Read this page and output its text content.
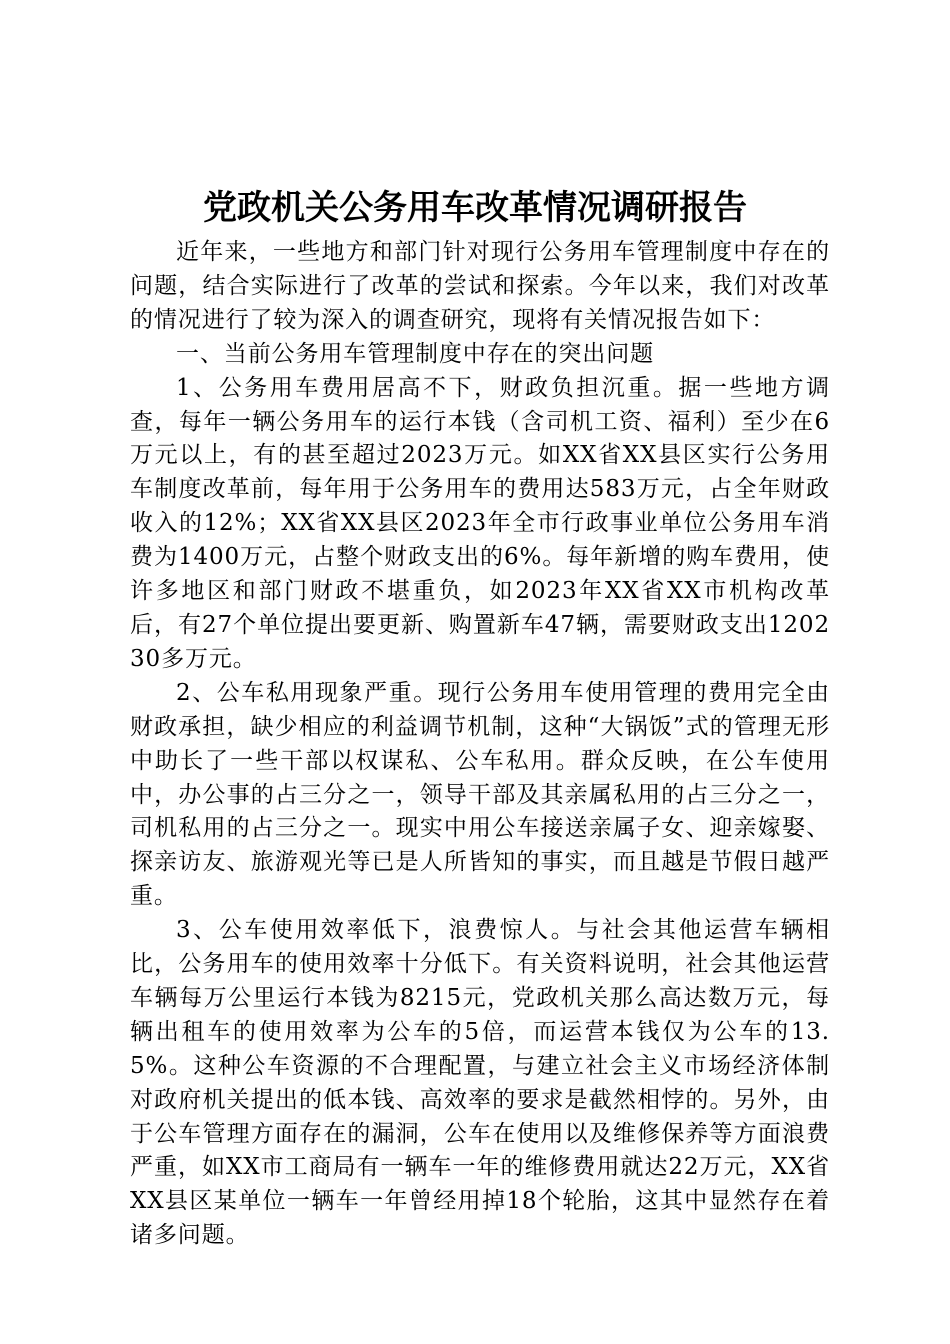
党政机关公务用车改革情况调研报告

近年来，一些地方和部门针对现行公务用车管理制度中存在的问题，结合实际进行了改革的尝试和探索。今年以来，我们对改革的情况进行了较为深入的调查研究，现将有关情况报告如下：

一、当前公务用车管理制度中存在的突出问题

1、公务用车费用居高不下，财政负担沉重。据一些地方调查，每年一辆公务用车的运行本钱（含司机工资、福利）至少在6万元以上，有的甚至超过2023万元。如XX省XX县区实行公务用车制度改革前，每年用于公务用车的费用达583万元，占全年财政收入的12%；XX省XX县区2023年全市行政事业单位公务用车消费为1400万元，占整个财政支出的6%。每年新增的购车费用，使许多地区和部门财政不堪重负，如2023年XX省XX市机构改革后，有27个单位提出要更新、购置新车47辆，需要财政支出120230多万元。

2、公车私用现象严重。现行公务用车使用管理的费用完全由财政承担，缺少相应的利益调节机制，这种“大锅饭”式的管理无形中助长了一些干部以权谋私、公车私用。群众反映，在公车使用中，办公事的占三分之一，领导干部及其亲属私用的占三分之一，司机私用的占三分之一。现实中用公车接送亲属子女、迎亲嫁娶、探亲访友、旅游观光等已是人所皆知的事实，而且越是节假日越严重。

3、公车使用效率低下，浪费惊人。与社会其他运营车辆相比，公务用车的使用效率十分低下。有关资料说明，社会其他运营车辆每万公里运行本钱为8215元，党政机关那么高达数万元，每辆出租车的使用效率为公车的5倍，而运营本钱仅为公车的13.5%。这种公车资源的不合理配置，与建立社会主义市场经济体制对政府机关提出的低本钱、高效率的要求是截然相悖的。另外，由于公车管理方面存在的漏洞，公车在使用以及维修保养等方面浪费严重，如XX市工商局有一辆车一年的维修费用就达22万元，XX省XX县区某单位一辆车一年曾经用掉18个轮胎，这其中显然存在着诸多问题。
